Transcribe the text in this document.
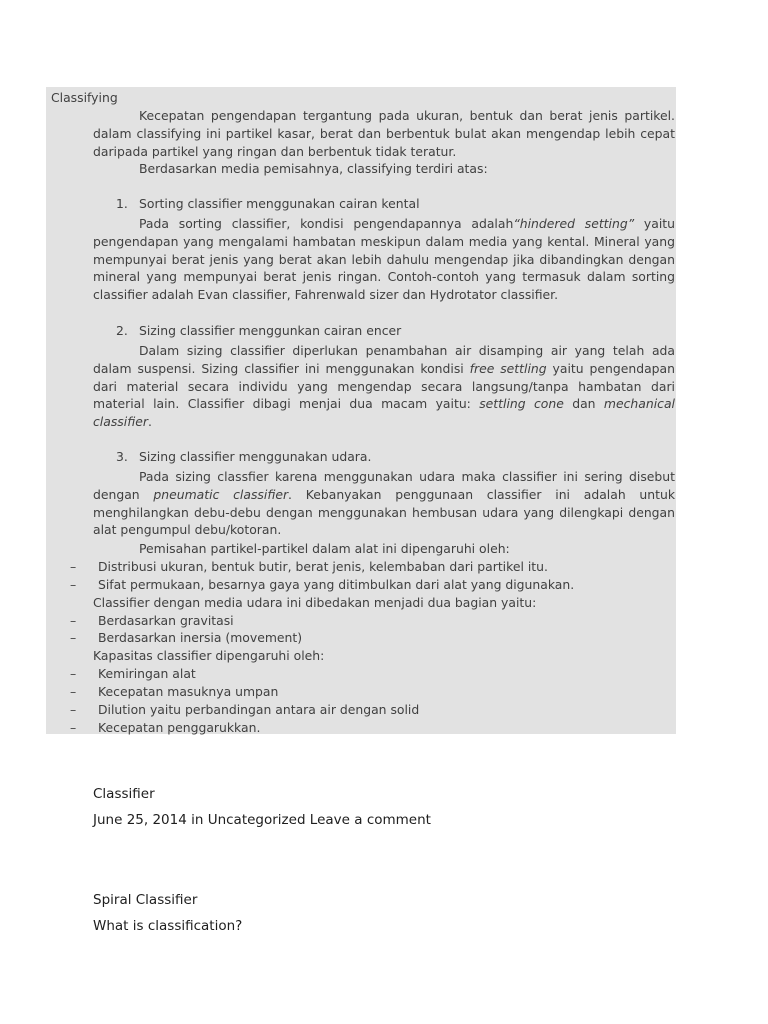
Classifying

Kecepatan pengendapan tergantung pada ukuran, bentuk dan berat jenis partikel. dalam classifying ini partikel kasar, berat dan berbentuk bulat akan mengendap lebih cepat daripada partikel yang ringan dan berbentuk tidak teratur.

Berdasarkan media pemisahnya, classifying terdiri atas:

1. Sorting classifier menggunakan cairan kental

Pada sorting classifier, kondisi pengendapannya adalah“hindered setting” yaitu pengendapan yang mengalami hambatan meskipun dalam media yang kental. Mineral yang mempunyai berat jenis yang berat akan lebih dahulu mengendap jika dibandingkan dengan mineral yang mempunyai berat jenis ringan. Contoh-contoh yang termasuk dalam sorting classifier adalah Evan classifier, Fahrenwald sizer dan Hydrotator classifier.

2. Sizing classifier menggunkan cairan encer

Dalam sizing classifier diperlukan penambahan air disamping air yang telah ada dalam suspensi. Sizing classifier ini menggunakan kondisi free settling yaitu pengendapan dari material secara individu yang mengendap secara langsung/tanpa hambatan dari material lain. Classifier dibagi menjai dua macam yaitu: settling cone dan mechanical classifier.

3. Sizing classifier menggunakan udara.

Pada sizing classfier karena menggunakan udara maka classifier ini sering disebut dengan pneumatic classifier. Kebanyakan penggunaan classifier ini adalah untuk menghilangkan debu-debu dengan menggunakan hembusan udara yang dilengkapi dengan alat pengumpul debu/kotoran.

Pemisahan partikel-partikel dalam alat ini dipengaruhi oleh:
– Distribusi ukuran, bentuk butir, berat jenis, kelembaban dari partikel itu.
– Sifat permukaan, besarnya gaya yang ditimbulkan dari alat yang digunakan.
Classifier dengan media udara ini dibedakan menjadi dua bagian yaitu:
– Berdasarkan gravitasi
– Berdasarkan inersia (movement)
Kapasitas classifier dipengaruhi oleh:
– Kemiringan alat
– Kecepatan masuknya umpan
– Dilution yaitu perbandingan antara air dengan solid
– Kecepatan penggarukkan.
Classifier
June 25, 2014 in Uncategorized Leave a comment
Spiral Classifier
What is classification?
